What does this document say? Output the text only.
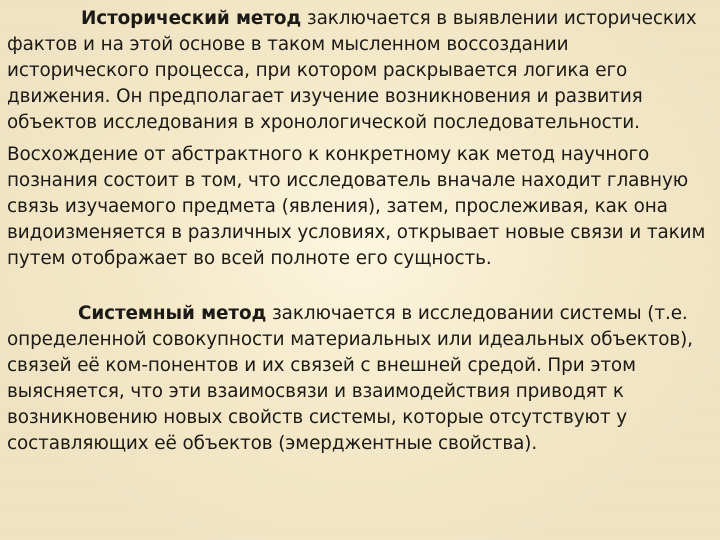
Исторический метод заключается в выявлении исторических фактов и на этой основе в таком мысленном воссоздании исторического процесса, при котором раскрывается логика его движения. Он предполагает изучение возникновения и развития объектов исследования в хронологической последовательности.

Восхождение от абстрактного к конкретному как метод научного познания состоит в том, что исследователь вначале находит главную связь изучаемого предмета (явления), затем, прослеживая, как она видоизменяется в различных условиях, открывает новые связи и таким путем отображает во всей полноте его сущность.

Системный метод заключается в исследовании системы (т.е. определенной совокупности материальных или идеальных объектов), связей её ком-понентов и их связей с внешней средой. При этом выясняется, что эти взаимосвязи и взаимодействия приводят к возникновению новых свойств системы, которые отсутствуют у составляющих её объектов (эмерджентные свойства).
